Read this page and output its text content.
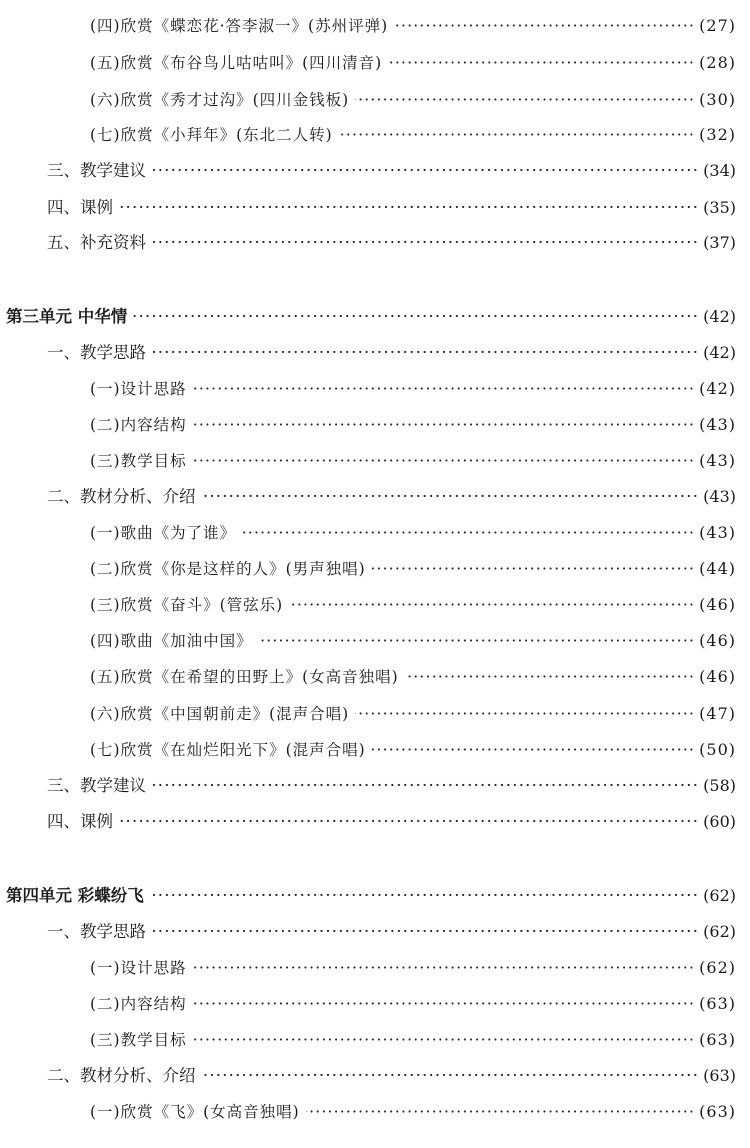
(四)欣赏《蝶恋花·答李淑一》(苏州评弹) ·····	(27)
(五)欣赏《布谷鸟儿咕咕叫》(四川清音) ·····	(28)
(六)欣赏《秀才过沟》(四川金钱板) ·····	(30)
(七)欣赏《小拜年》(东北二人转) ·····	(32)
三、教学建议 ·····	(34)
四、课例 ·····	(35)
五、补充资料 ·····	(37)
第三单元 中华情 ·····	(42)
一、教学思路 ·····	(42)
(一)设计思路 ·····	(42)
(二)内容结构 ·····	(43)
(三)教学目标 ·····	(43)
二、教材分析、介绍 ·····	(43)
(一)歌曲《为了谁》 ·····	(43)
(二)欣赏《你是这样的人》(男声独唱) ·····	(44)
(三)欣赏《奋斗》(管弦乐) ·····	(46)
(四)歌曲《加油中国》 ·····	(46)
(五)欣赏《在希望的田野上》(女高音独唱) ·····	(46)
(六)欣赏《中国朝前走》(混声合唱) ·····	(47)
(七)欣赏《在灿烂阳光下》(混声合唱) ·····	(50)
三、教学建议 ·····	(58)
四、课例 ·····	(60)
第四单元 彩蝶纷飞 ·····	(62)
一、教学思路 ·····	(62)
(一)设计思路 ·····	(62)
(二)内容结构 ·····	(63)
(三)教学目标 ·····	(63)
二、教材分析、介绍 ·····	(63)
(一)欣赏《飞》(女高音独唱) ·····	(63)
